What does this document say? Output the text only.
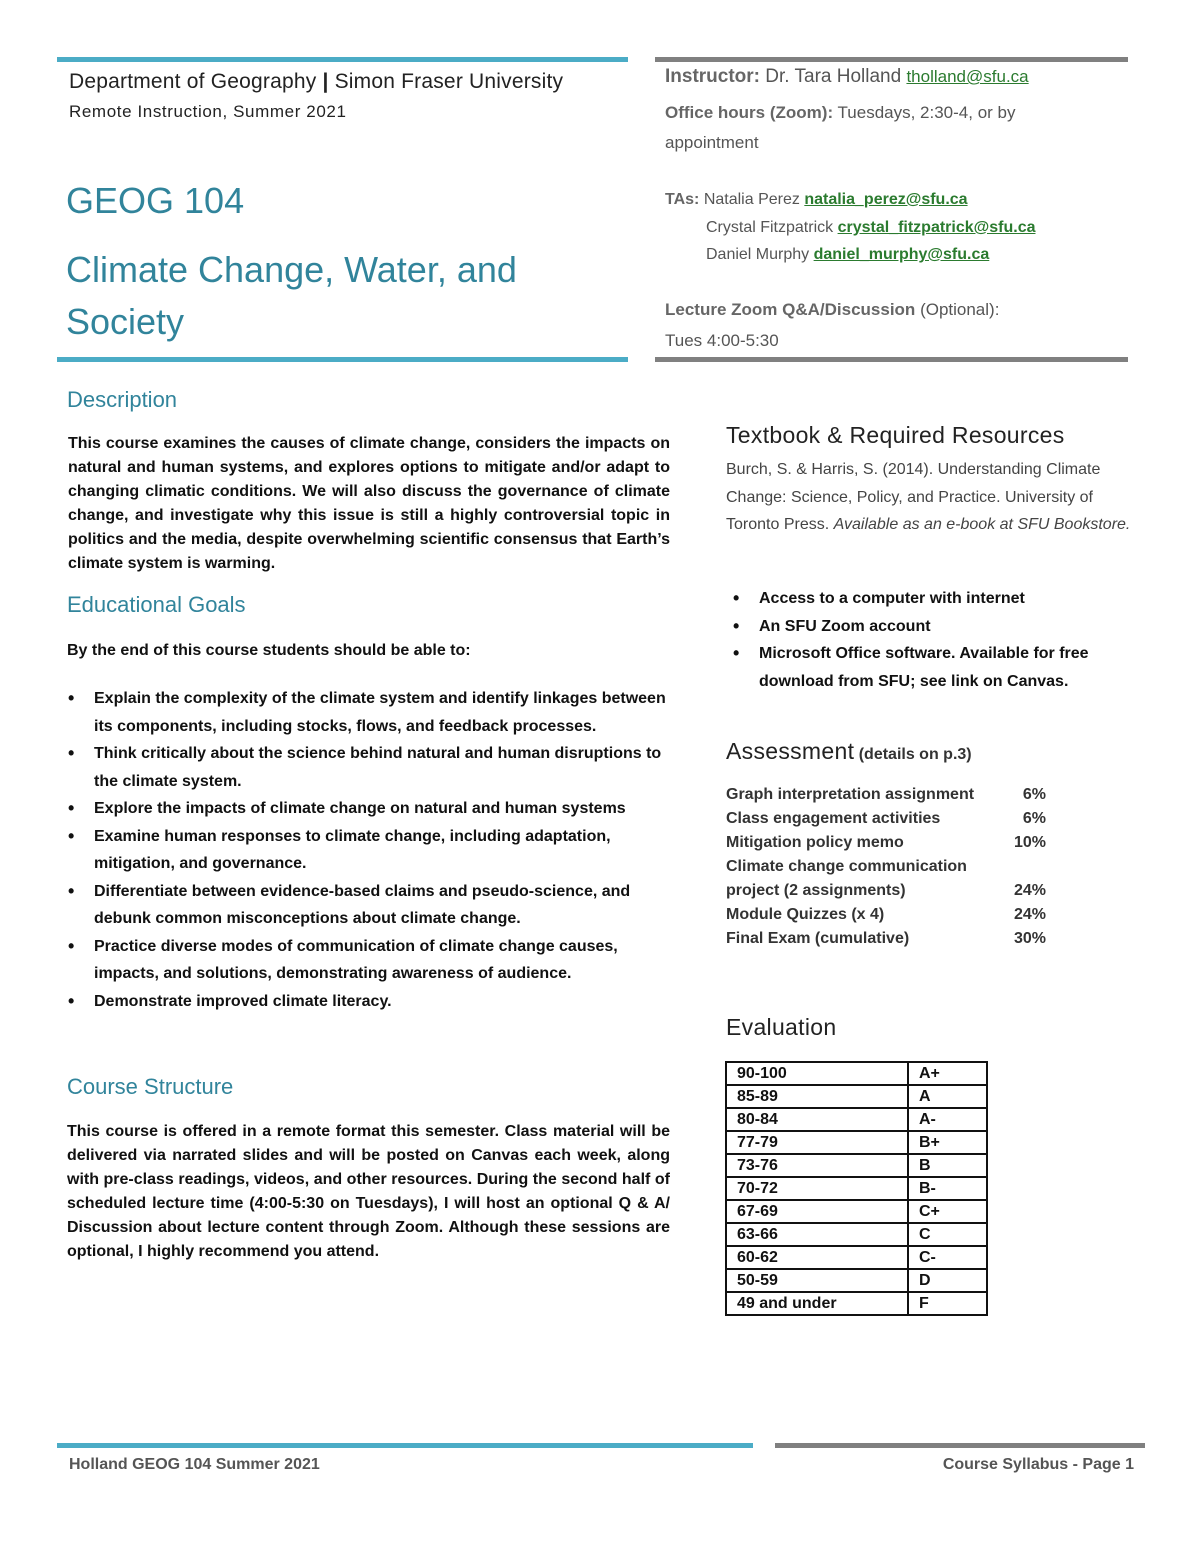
Department of Geography | Simon Fraser University
Remote Instruction, Summer 2021
GEOG 104
Climate Change, Water, and Society
Instructor: Dr. Tara Holland tholland@sfu.ca
Office hours (Zoom): Tuesdays, 2:30-4, or by appointment
TAs: Natalia Perez natalia_perez@sfu.ca
Crystal Fitzpatrick crystal_fitzpatrick@sfu.ca
Daniel Murphy daniel_murphy@sfu.ca
Lecture Zoom Q&A/Discussion (Optional):
Tues 4:00-5:30
Description
This course examines the causes of climate change, considers the impacts on natural and human systems, and explores options to mitigate and/or adapt to changing climatic conditions. We will also discuss the governance of climate change, and investigate why this issue is still a highly controversial topic in politics and the media, despite overwhelming scientific consensus that Earth’s climate system is warming.
Educational Goals
By the end of this course students should be able to:
• Explain the complexity of the climate system and identify linkages between its components, including stocks, flows, and feedback processes.
• Think critically about the science behind natural and human disruptions to the climate system.
• Explore the impacts of climate change on natural and human systems
• Examine human responses to climate change, including adaptation, mitigation, and governance.
• Differentiate between evidence-based claims and pseudo-science, and debunk common misconceptions about climate change.
• Practice diverse modes of communication of climate change causes, impacts, and solutions, demonstrating awareness of audience.
• Demonstrate improved climate literacy.
Course Structure
This course is offered in a remote format this semester. Class material will be delivered via narrated slides and will be posted on Canvas each week, along with pre-class readings, videos, and other resources. During the second half of scheduled lecture time (4:00-5:30 on Tuesdays), I will host an optional Q & A/ Discussion about lecture content through Zoom. Although these sessions are optional, I highly recommend you attend.
Textbook & Required Resources
Burch, S. & Harris, S. (2014). Understanding Climate Change: Science, Policy, and Practice. University of Toronto Press. Available as an e-book at SFU Bookstore.
• Access to a computer with internet
• An SFU Zoom account
• Microsoft Office software. Available for free download from SFU; see link on Canvas.
Assessment (details on p.3)
Graph interpretation assignment	6%
Class engagement activities	6%
Mitigation policy memo	10%
Climate change communication	
project (2 assignments)	24%
Module Quizzes (x 4)	24%
Final Exam (cumulative)	30%
Evaluation
90-100	A+
85-89	A
80-84	A-
77-79	B+
73-76	B
70-72	B-
67-69	C+
63-66	C
60-62	C-
50-59	D
49 and under	F
Holland GEOG 104 Summer 2021	Course Syllabus - Page 1
